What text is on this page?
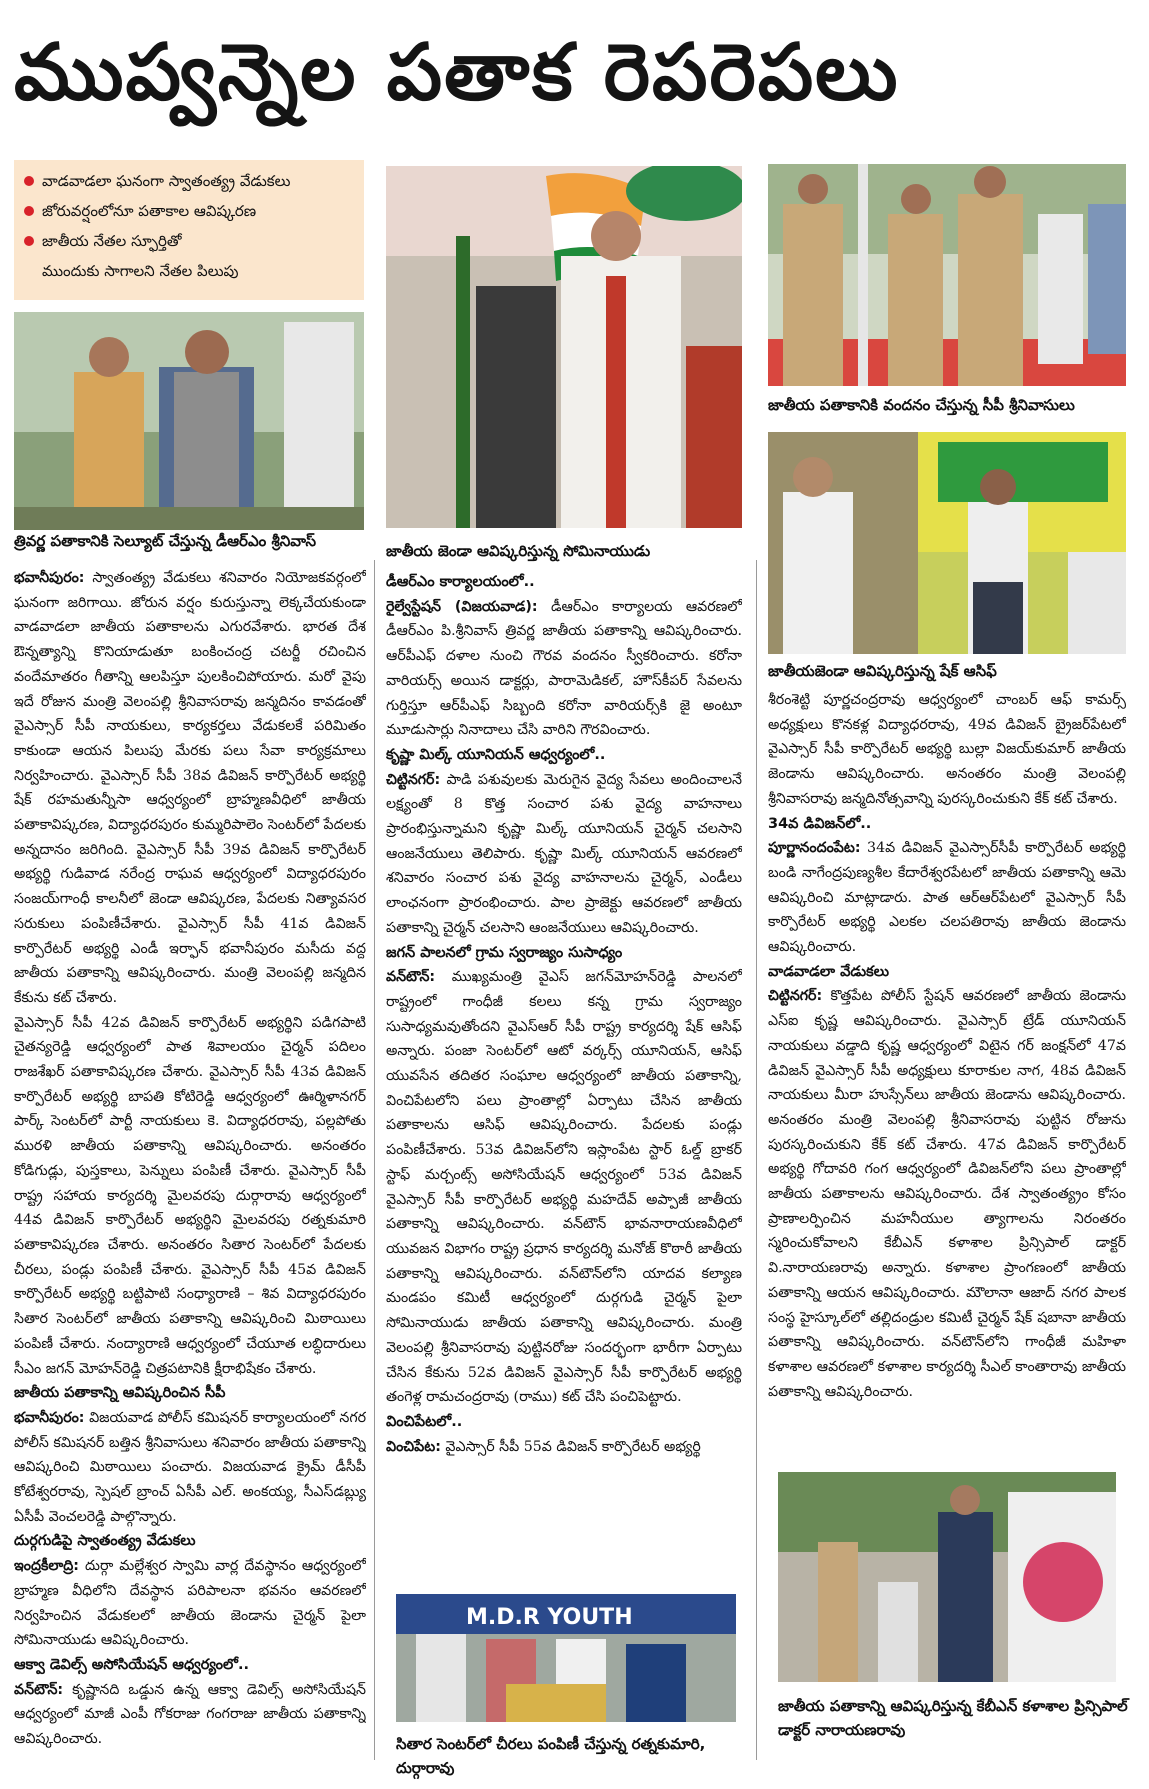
ముప్వన్నెల పతాక రెపరెపలు
వాడవాడలా ఘనంగా స్వాతంత్య్ర వేడుకలు
జోరువర్షంలోనూ పతాకాల ఆవిష్కరణ
జాతీయ నేతల స్ఫూర్తితో
ముందుకు సాగాలని నేతల పిలుపు
త్రివర్ణ పతాకానికి సెల్యూట్ చేస్తున్న డీఆర్ఎం శ్రీనివాస్
జాతీయ జెండా ఆవిష్కరిస్తున్న సోమినాయుడు
జాతీయ పతాకానికి వందనం చేస్తున్న సీపీ శ్రీనివాసులు
జాతీయజెండా ఆవిష్కరిస్తున్న షేక్ ఆసిఫ్

భవానీపురం: స్వాతంత్య్ర వేడుకలు శనివారం నియోజకవర్గంలో ఘనంగా జరిగాయి. జోరున వర్షం కురుస్తున్నా లెక్కచేయకుండా వాడవాడలా జాతీయ పతాకాలను ఎగురవేశారు. భారత దేశ ఔన్నత్యాన్ని కొనియాడుతూ బంకించంద్ర చటర్జీ రచించిన వందేమాతరం గీతాన్ని ఆలపిస్తూ పులకించిపోయారు. మరో వైపు ఇదే రోజున మంత్రి వెలంపల్లి శ్రీనివాసరావు జన్మదినం కావడంతో వైఎస్సార్ సీపీ నాయకులు, కార్యకర్తలు వేడుకలకే పరిమితం కాకుండా ఆయన పిలుపు మేరకు పలు సేవా కార్యక్రమాలు నిర్వహించారు. వైఎస్సార్ సీపీ 38వ డివిజన్ కార్పొరేటర్ అభ్యర్థి షేక్ రహమతున్నీసా ఆధ్వర్యంలో బ్రాహ్మణవీధిలో జాతీయ పతాకావిష్కరణ, విద్యాధరపురం కుమ్మరిపాలెం సెంటర్‌లో పేదలకు అన్నదానం జరిగింది. వైఎస్సార్ సీపీ 39వ డివిజన్ కార్పొరేటర్ అభ్యర్థి గుడివాడ నరేంద్ర రాఘవ ఆధ్వర్యంలో విద్యాధరపురం సంజయ్‌గాంధీ కాలనీలో జెండా ఆవిష్కరణ, పేదలకు నిత్యావసర సరుకులు పంపిణీచేశారు. వైఎస్సార్ సీపీ 41వ డివిజన్ కార్పొరేటర్ అభ్యర్థి ఎండీ ఇర్ఫాన్ భవానీపురం మసీదు వద్ద జాతీయ పతాకాన్ని ఆవిష్కరించారు. మంత్రి వెలంపల్లి జన్మదిన కేకును కట్ చేశారు.

వైఎస్సార్ సీపీ 42వ డివిజన్ కార్పొరేటర్ అభ్యర్థిని పడిగపాటి చైతన్యరెడ్డి ఆధ్వర్యంలో పాత శివాలయం చైర్మన్ పదిలం రాజశేఖర్ పతాకావిష్కరణ చేశారు. వైఎస్సార్ సీపీ 43వ డివిజన్ కార్పొరేటర్ అభ్యర్థి బాపతి కోటిరెడ్డి ఆధ్వర్యంలో ఊర్మిళానగర్ పార్క్ సెంటర్‌లో పార్టీ నాయకులు కె. విద్యాధరరావు, పల్లపోతు మురళి జాతీయ పతాకాన్ని ఆవిష్కరించారు. అనంతరం కోడిగుడ్లు, పుస్తకాలు, పెన్నులు పంపిణీ చేశారు. వైఎస్సార్ సీపీ రాష్ట్ర సహాయ కార్యదర్శి మైలవరపు దుర్గారావు ఆధ్వర్యంలో 44వ డివిజన్ కార్పొరేటర్ అభ్యర్థిని మైలవరపు రత్నకుమారి పతాకావిష్కరణ చేశారు. అనంతరం సితార సెంటర్‌లో పేదలకు చీరలు, పండ్లు పంపిణీ చేశారు. వైఎస్సార్ సీపీ 45వ డివిజన్ కార్పొరేటర్ అభ్యర్థి బట్టిపాటి సంధ్యారాణి – శివ విద్యాధరపురం సితార సెంటర్‌లో జాతీయ పతాకాన్ని ఆవిష్కరించి మిఠాయిలు పంపిణీ చేశారు. నంద్యారాణి ఆధ్వర్యంలో చేయూత లబ్ధిదారులు సీఎం జగన్ మోహన్‌రెడ్డి చిత్రపటానికి క్షీరాభిషేకం చేశారు.

జాతీయ పతాకాన్ని ఆవిష్కరించిన సీపీ

భవానీపురం: విజయవాడ పోలీస్ కమిషనర్ కార్యాలయంలో నగర పోలీస్ కమిషనర్ బత్తిన శ్రీనివాసులు శనివారం జాతీయ పతాకాన్ని ఆవిష్కరించి మిఠాయిలు పంచారు. విజయవాడ క్రైమ్ డీసీపీ కోటేశ్వరరావు, స్పెషల్ బ్రాంచ్ ఏసీపీ ఎల్. అంకయ్య, సీఎస్‌డబ్ల్యు ఏసీపీ వెంచలరెడ్డి పాల్గొన్నారు.

దుర్గగుడిపై స్వాతంత్య్ర వేడుకలు

ఇంద్రకీలాద్రి: దుర్గా మల్లేశ్వర స్వామి వార్ల దేవస్థానం ఆధ్వర్యంలో బ్రాహ్మణ వీధిలోని దేవస్థాన పరిపాలనా భవనం ఆవరణలో నిర్వహించిన వేడుకలలో జాతీయ జెండాను చైర్మన్ పైలా సోమినాయుడు ఆవిష్కరించారు.

ఆక్వా డెవిల్స్ అసోసియేషన్ ఆధ్వర్యంలో..

వన్‌టౌన్: కృష్ణానది ఒడ్డున ఉన్న ఆక్వా డెవిల్స్ అసోసియేషన్ ఆధ్వర్యంలో మాజీ ఎంపీ గోకరాజు గంగరాజు జాతీయ పతాకాన్ని ఆవిష్కరించారు.

డీఆర్ఎం కార్యాలయంలో..

రైల్వేస్టేషన్ (విజయవాడ): డీఆర్ఎం కార్యాలయ ఆవరణలో డీఆర్ఎం పి.శ్రీనివాస్ త్రివర్ణ జాతీయ పతాకాన్ని ఆవిష్కరించారు. ఆర్‌పీఎఫ్ దళాల నుంచి గౌరవ వందనం స్వీకరించారు. కరోనా వారియర్స్ అయిన డాక్టర్లు, పారామెడికల్, హౌస్‌కీపర్ సేవలను గుర్తిస్తూ ఆర్‌పీఎఫ్ సిబ్బంది కరోనా వారియర్స్‌కి జై అంటూ మూడుసార్లు నినాదాలు చేసి వారిని గౌరవించారు.

కృష్ణా మిల్క్ యూనియన్ ఆధ్వర్యంలో..

చిట్టినగర్: పాడి పశువులకు మెరుగైన వైద్య సేవలు అందించాలనే లక్ష్యంతో 8 కొత్త సంచార పశు వైద్య వాహనాలు ప్రారంభిస్తున్నామని కృష్ణా మిల్క్ యూనియన్ చైర్మన్ చలసాని ఆంజనేయులు తెలిపారు. కృష్ణా మిల్క్ యూనియన్ ఆవరణలో శనివారం సంచార పశు వైద్య వాహనాలను చైర్మన్, ఎండీలు లాంఛనంగా ప్రారంభించారు. పాల ప్రాజెక్టు ఆవరణలో జాతీయ పతాకాన్ని చైర్మన్ చలసాని ఆంజనేయులు ఆవిష్కరించారు.

జగన్ పాలనలో గ్రామ స్వరాజ్యం సుసాధ్యం

వన్‌టౌన్: ముఖ్యమంత్రి వైఎస్ జగన్‌మోహన్‌రెడ్డి పాలనలో రాష్ట్రంలో గాంధీజీ కలలు కన్న గ్రామ స్వరాజ్యం సుసాధ్యమవుతోందని వైఎస్ఆర్ సీపీ రాష్ట్ర కార్యదర్శి షేక్ ఆసిఫ్ అన్నారు. పంజా సెంటర్‌లో ఆటో వర్కర్స్ యూనియన్, ఆసిఫ్ యువసేన తదితర సంఘాల ఆధ్వర్యంలో జాతీయ పతాకాన్ని, వించిపేటలోని పలు ప్రాంతాల్లో ఏర్పాటు చేసిన జాతీయ పతాకాలను ఆసిఫ్ ఆవిష్కరించారు. పేదలకు పండ్లు పంపిణీచేశారు. 53వ డివిజన్‌లోని ఇస్లాంపేట స్టార్ ఓల్డ్ బ్రాకర్ స్టాఫ్ మర్చంట్స్ అసోసియేషన్ ఆధ్వర్యంలో 53వ డివిజన్ వైఎస్సార్ సీపీ కార్పొరేటర్ అభ్యర్థి మహదేవ్ అప్పాజీ జాతీయ పతాకాన్ని ఆవిష్కరించారు. వన్‌టౌన్ భావనారాయణవీధిలో యువజన విభాగం రాష్ట్ర ప్రధాన కార్యదర్శి మనోజ్ కొఠారీ జాతీయ పతాకాన్ని ఆవిష్కరించారు. వన్‌టౌన్‌లోని యాదవ కల్యాణ మండపం కమిటీ ఆధ్వర్యంలో దుర్గగుడి చైర్మన్ పైలా సోమినాయుడు జాతీయ పతాకాన్ని ఆవిష్కరించారు. మంత్రి వెలంపల్లి శ్రీనివాసరావు పుట్టినరోజు సందర్భంగా భారీగా ఏర్పాటు చేసిన కేకును 52వ డివిజన్ వైఎస్సార్ సీపీ కార్పొరేటర్ అభ్యర్థి తంగెళ్ల రామచంద్రరావు (రాము) కట్ చేసి పంచిపెట్టారు.

వించిపేటలో..

వించిపేట: వైఎస్సార్ సీపీ 55వ డివిజన్ కార్పొరేటర్ అభ్యర్థి

M.D.R YOUTH
సితార సెంటర్‌లో చీరలు పంపిణీ చేస్తున్న రత్నకుమారి, దుర్గారావు

శీరంశెట్టి పూర్ణచంద్రరావు ఆధ్వర్యంలో చాంబర్ ఆఫ్ కామర్స్ అధ్యక్షులు కొనకళ్ల విద్యాధరరావు, 49వ డివిజన్ బ్రైజర్‌పేటలో వైఎస్సార్ సీపీ కార్పొరేటర్ అభ్యర్థి బుల్లా విజయ్‌కుమార్ జాతీయ జెండాను ఆవిష్కరించారు. అనంతరం మంత్రి వెలంపల్లి శ్రీనివాసరావు జన్మదినోత్సవాన్ని పురస్కరించుకుని కేక్ కట్ చేశారు.

34వ డివిజన్‌లో..

పూర్ణానందంపేట: 34వ డివిజన్ వైఎస్సార్‌సీపీ కార్పొరేటర్ అభ్యర్థి బండి నాగేంద్రపుణ్యశీల కేదారేశ్వరపేటలో జాతీయ పతాకాన్ని ఆమె ఆవిష్కరించి మాట్లాడారు. పాత ఆర్‌ఆర్‌పేటలో వైఎస్సార్ సీపీ కార్పొరేటర్ అభ్యర్థి ఎలకల చలపతిరావు జాతీయ జెండాను ఆవిష్కరించారు.

వాడవాడలా వేడుకలు

చిట్టినగర్: కొత్తపేట పోలీస్ స్టేషన్ ఆవరణలో జాతీయ జెండాను ఎస్ఐ కృష్ణ ఆవిష్కరించారు. వైఎస్సార్ ట్రేడ్ యూనియన్ నాయకులు వడ్డాది కృష్ణ ఆధ్వర్యంలో విటైన గర్ జంక్షన్‌లో 47వ డివిజన్ వైఎస్సార్ సీపీ అధ్యక్షులు కూరాకుల నాగ, 48వ డివిజన్ నాయకులు మీరా హుస్సేన్‌లు జాతీయ జెండాను ఆవిష్కరించారు. అనంతరం మంత్రి వెలంపల్లి శ్రీనివాసరావు పుట్టిన రోజును పురస్కరించుకుని కేక్ కట్ చేశారు. 47వ డివిజన్ కార్పొరేటర్ అభ్యర్థి గోదావరి గంగ ఆధ్వర్యంలో డివిజన్‌లోని పలు ప్రాంతాల్లో జాతీయ పతాకాలను ఆవిష్కరించారు. దేశ స్వాతంత్య్రం కోసం ప్రాణాలర్పించిన మహనీయుల త్యాగాలను నిరంతరం స్మరించుకోవాలని కేబీఎన్ కళాశాల ప్రిన్సిపాల్ డాక్టర్ వి.నారాయణరావు అన్నారు. కళాశాల ప్రాంగణంలో జాతీయ పతాకాన్ని ఆయన ఆవిష్కరించారు. మౌలానా ఆజాద్ నగర పాలక సంస్థ హైస్కూల్‌లో తల్లిదండ్రుల కమిటీ చైర్మన్ షేక్ షబానా జాతీయ పతాకాన్ని ఆవిష్కరించారు. వన్‌టౌన్‌లోని గాంధీజీ మహిళా కళాశాల ఆవరణలో కళాశాల కార్యదర్శి సీఎల్ కాంతారావు జాతీయ పతాకాన్ని ఆవిష్కరించారు.

జాతీయ పతాకాన్ని ఆవిష్కరిస్తున్న కేబీఎన్ కళాశాల ప్రిన్సిపాల్ డాక్టర్ నారాయణరావు
